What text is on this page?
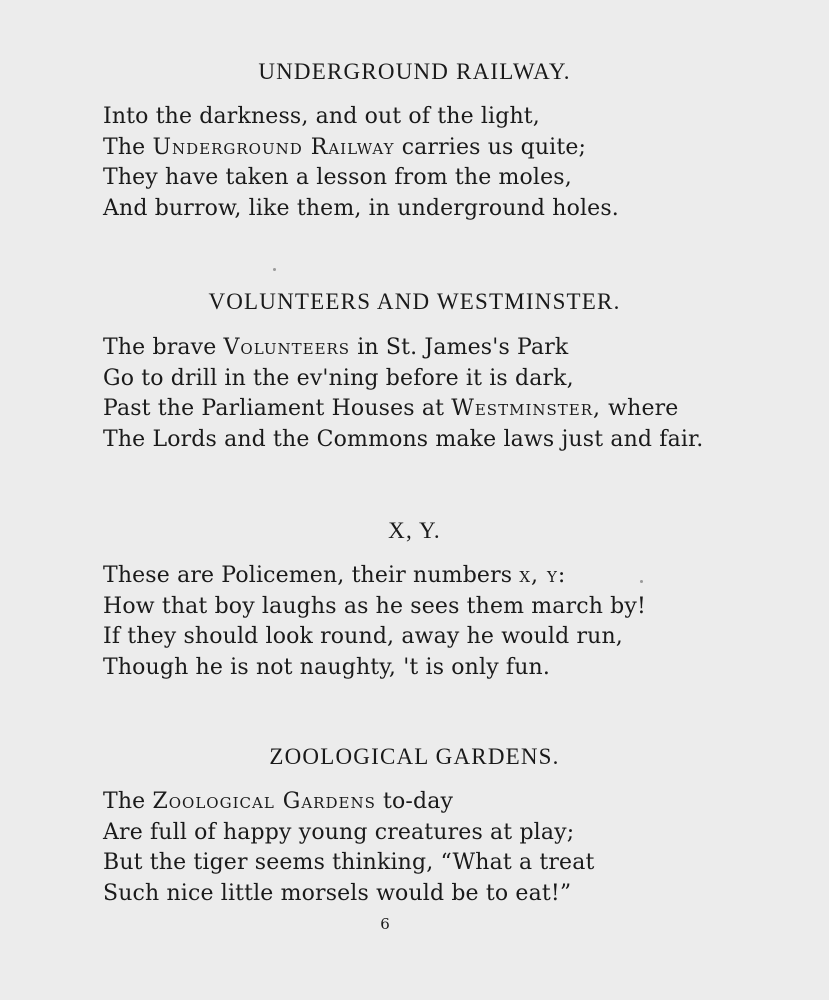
UNDERGROUND RAILWAY.
Into the darkness, and out of the light,
The Underground Railway carries us quite;
They have taken a lesson from the moles,
And burrow, like them, in underground holes.
VOLUNTEERS AND WESTMINSTER.
The brave Volunteers in St. James's Park
Go to drill in the ev'ning before it is dark,
Past the Parliament Houses at Westminster, where
The Lords and the Commons make laws just and fair.
X, Y.
These are Policemen, their numbers x, y:
How that boy laughs as he sees them march by!
If they should look round, away he would run,
Though he is not naughty, 't is only fun.
ZOOLOGICAL GARDENS.
The Zoological Gardens to-day
Are full of happy young creatures at play;
But the tiger seems thinking, “What a treat
Such nice little morsels would be to eat!”
6
